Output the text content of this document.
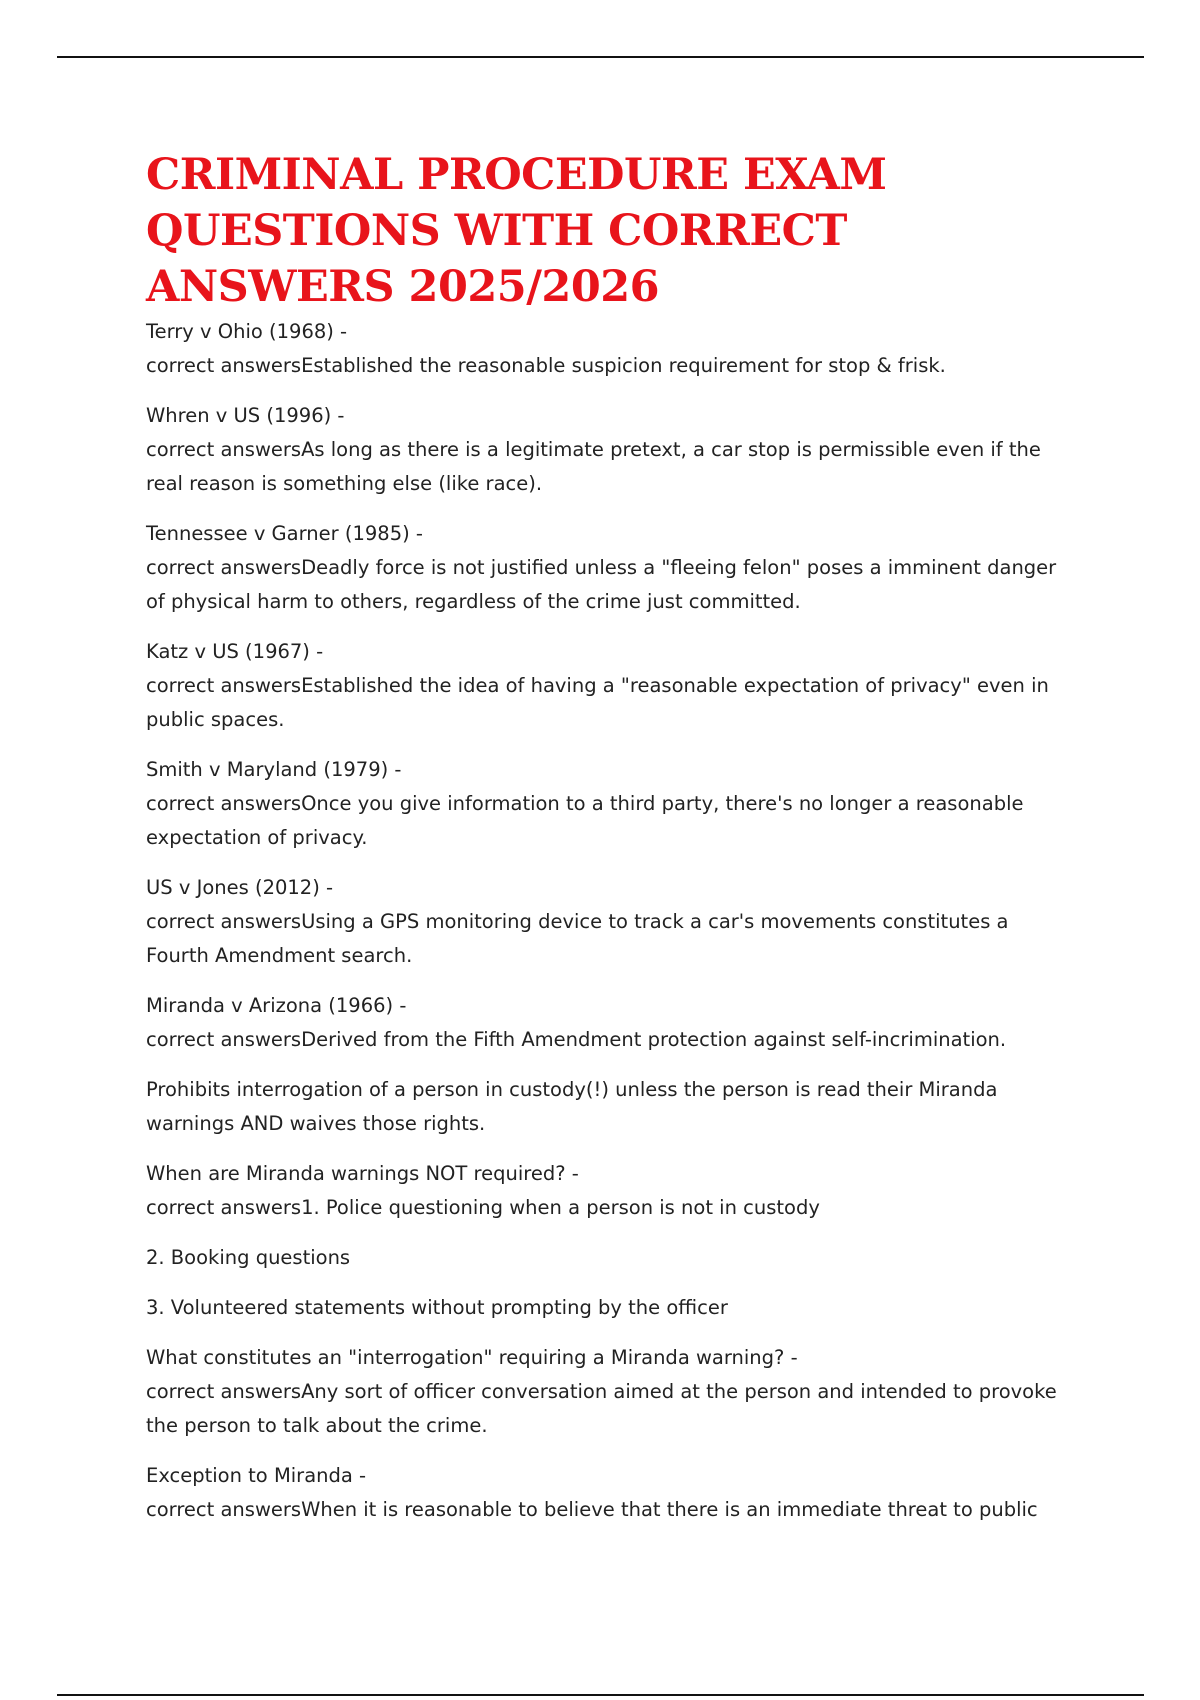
CRIMINAL PROCEDURE EXAM QUESTIONS WITH CORRECT ANSWERS 2025/2026

Terry v Ohio (1968) -

correct answersEstablished the reasonable suspicion requirement for stop & frisk.

Whren v US (1996) -

correct answersAs long as there is a legitimate pretext, a car stop is permissible even if the real reason is something else (like race).

Tennessee v Garner (1985) -

correct answersDeadly force is not justified unless a "fleeing felon" poses a imminent danger of physical harm to others, regardless of the crime just committed.

Katz v US (1967) -

correct answersEstablished the idea of having a "reasonable expectation of privacy" even in public spaces.

Smith v Maryland (1979) -

correct answersOnce you give information to a third party, there's no longer a reasonable expectation of privacy.

US v Jones (2012) -

correct answersUsing a GPS monitoring device to track a car's movements constitutes a Fourth Amendment search.

Miranda v Arizona (1966) -

correct answersDerived from the Fifth Amendment protection against self-incrimination.

Prohibits interrogation of a person in custody(!) unless the person is read their Miranda warnings AND waives those rights.

When are Miranda warnings NOT required? -

correct answers1. Police questioning when a person is not in custody

2. Booking questions

3. Volunteered statements without prompting by the officer

What constitutes an "interrogation" requiring a Miranda warning? -

correct answersAny sort of officer conversation aimed at the person and intended to provoke the person to talk about the crime.

Exception to Miranda -

correct answersWhen it is reasonable to believe that there is an immediate threat to public
